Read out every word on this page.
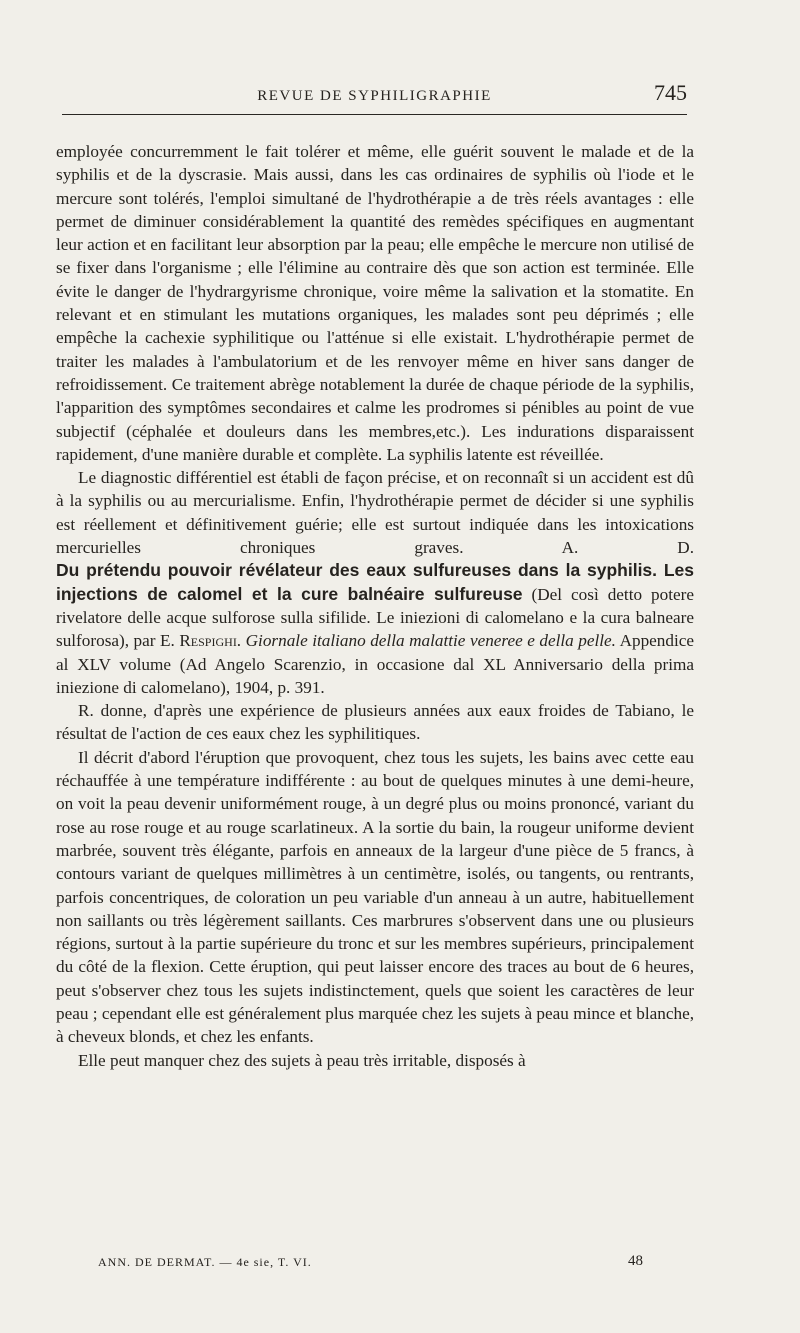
REVUE DE SYPHILIGRAPHIE	745

employée concurremment le fait tolérer et même, elle guérit souvent le malade et de la syphilis et de la dyscrasie. Mais aussi, dans les cas ordinaires de syphilis où l'iode et le mercure sont tolérés, l'emploi simultané de l'hydrothérapie a de très réels avantages : elle permet de diminuer considérablement la quantité des remèdes spécifiques en augmentant leur action et en facilitant leur absorption par la peau; elle empêche le mercure non utilisé de se fixer dans l'organisme ; elle l'élimine au contraire dès que son action est terminée. Elle évite le danger de l'hydrargyrisme chronique, voire même la salivation et la stomatite. En relevant et en stimulant les mutations organiques, les malades sont peu déprimés ; elle empêche la cachexie syphilitique ou l'atténue si elle existait. L'hydrothérapie permet de traiter les malades à l'ambulatorium et de les renvoyer même en hiver sans danger de refroidissement. Ce traitement abrège notablement la durée de chaque période de la syphilis, l'apparition des symptômes secondaires et calme les prodromes si pénibles au point de vue subjectif (céphalée et douleurs dans les membres,etc.). Les indurations disparaissent rapidement, d'une manière durable et complète. La syphilis latente est réveillée.

Le diagnostic différentiel est établi de façon précise, et on reconnaît si un accident est dû à la syphilis ou au mercurialisme. Enfin, l'hydrothérapie permet de décider si une syphilis est réellement et définitivement guérie; elle est surtout indiquée dans les intoxications mercurielles chroniques	graves.	A. D.

Du prétendu pouvoir révélateur des eaux sulfureuses dans la syphilis. Les injections de calomel et la cure balnéaire sulfureuse (Del così detto potere rivelatore delle acque sulforose sulla sifilide. Le iniezioni di calomelano e la cura balneare sulforosa), par E. Respighi. Giornale italiano della malattie veneree e della pelle. Appendice al XLV volume (Ad Angelo Scarenzio, in occasione dal XL Anniversario della prima iniezione di calomelano), 1904, p. 391.

R. donne, d'après une expérience de plusieurs années aux eaux froides de Tabiano, le résultat de l'action de ces eaux chez les syphilitiques.

Il décrit d'abord l'éruption que provoquent, chez tous les sujets, les bains avec cette eau réchauffée à une température indifférente : au bout de quelques minutes à une demi-heure, on voit la peau devenir uniformément rouge, à un degré plus ou moins prononcé, variant du rose au rose rouge et au rouge scarlatineux. A la sortie du bain, la rougeur uniforme devient marbrée, souvent très élégante, parfois en anneaux de la largeur d'une pièce de 5 francs, à contours variant de quelques millimètres à un centimètre, isolés, ou tangents, ou rentrants, parfois concentriques, de coloration un peu variable d'un anneau à un autre, habituellement non saillants ou très légèrement saillants. Ces marbrures s'observent dans une ou plusieurs régions, surtout à la partie supérieure du tronc et sur les membres supérieurs, principalement du côté de la flexion. Cette éruption, qui peut laisser encore des traces au bout de 6 heures, peut s'observer chez tous les sujets indistinctement, quels que soient les caractères de leur peau ; cependant elle est généralement plus marquée chez les sujets à peau mince et blanche, à cheveux blonds, et chez les enfants.

Elle peut manquer chez des sujets à peau très irritable, disposés à

ANN. DE DERMAT. — 4e sie, T. VI.	48
